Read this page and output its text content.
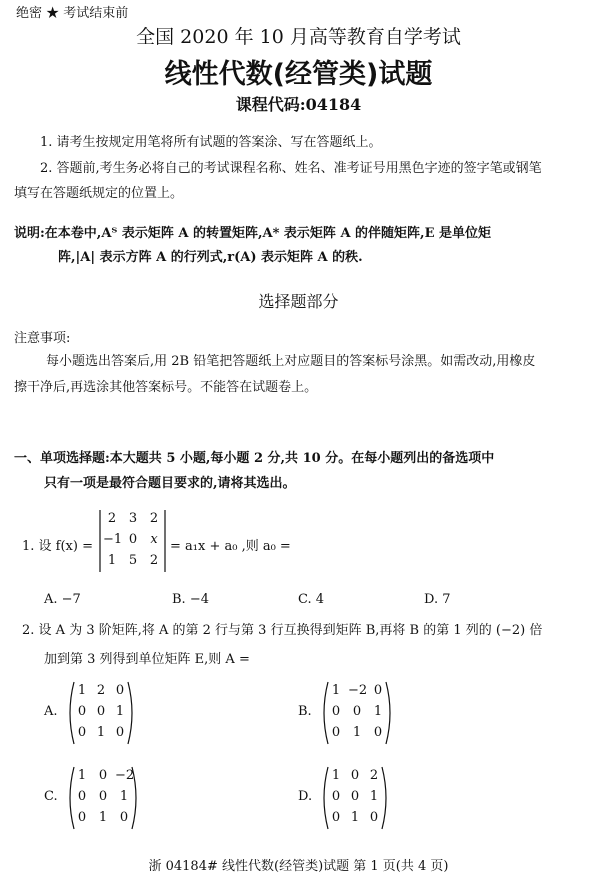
绝密 ★ 考试结束前
全国 2020 年 10 月高等教育自学考试
线性代数(经管类)试题
课程代码:04184
1. 请考生按规定用笔将所有试题的答案涂、写在答题纸上。
2. 答题前,考生务必将自己的考试课程名称、姓名、准考证号用黑色字迹的签字笔或钢笔
填写在答题纸规定的位置上。
说明:在本卷中,Aᵀ 表示矩阵 A 的转置矩阵,A* 表示矩阵 A 的伴随矩阵,E 是单位矩
阵,|A| 表示方阵 A 的行列式,r(A) 表示矩阵 A 的秩.
选择题部分
注意事项:
每小题选出答案后,用 2B 铅笔把答题纸上对应题目的答案标号涂黑。如需改动,用橡皮
擦干净后,再选涂其他答案标号。不能答在试题卷上。
一、单项选择题:本大题共 5 小题,每小题 2 分,共 10 分。在每小题列出的备选项中
只有一项是最符合题目要求的,请将其选出。
1. 设 f(x) =
2 3 2
−1 0	x
1 5 2
= a₁x + a₀ ,则 a₀ =
A. −7	B. −4	C. 4	D. 7
2. 设 A 为 3 阶矩阵,将 A 的第 2 行与第 3 行互换得到矩阵 B,再将 B 的第 1 列的 (−2) 倍
加到第 3 列得到单位矩阵 E,则 A =
A.
1 2 0
0 0 1
0 1 0
B.
1 −2 0
0 0 1
0 1 0
C.
1 0 −2
0 0 1
0 1 0
D.
1 0 2
0 0 1
0 1 0
浙 04184# 线性代数(经管类)试题 第 1 页(共 4 页)
